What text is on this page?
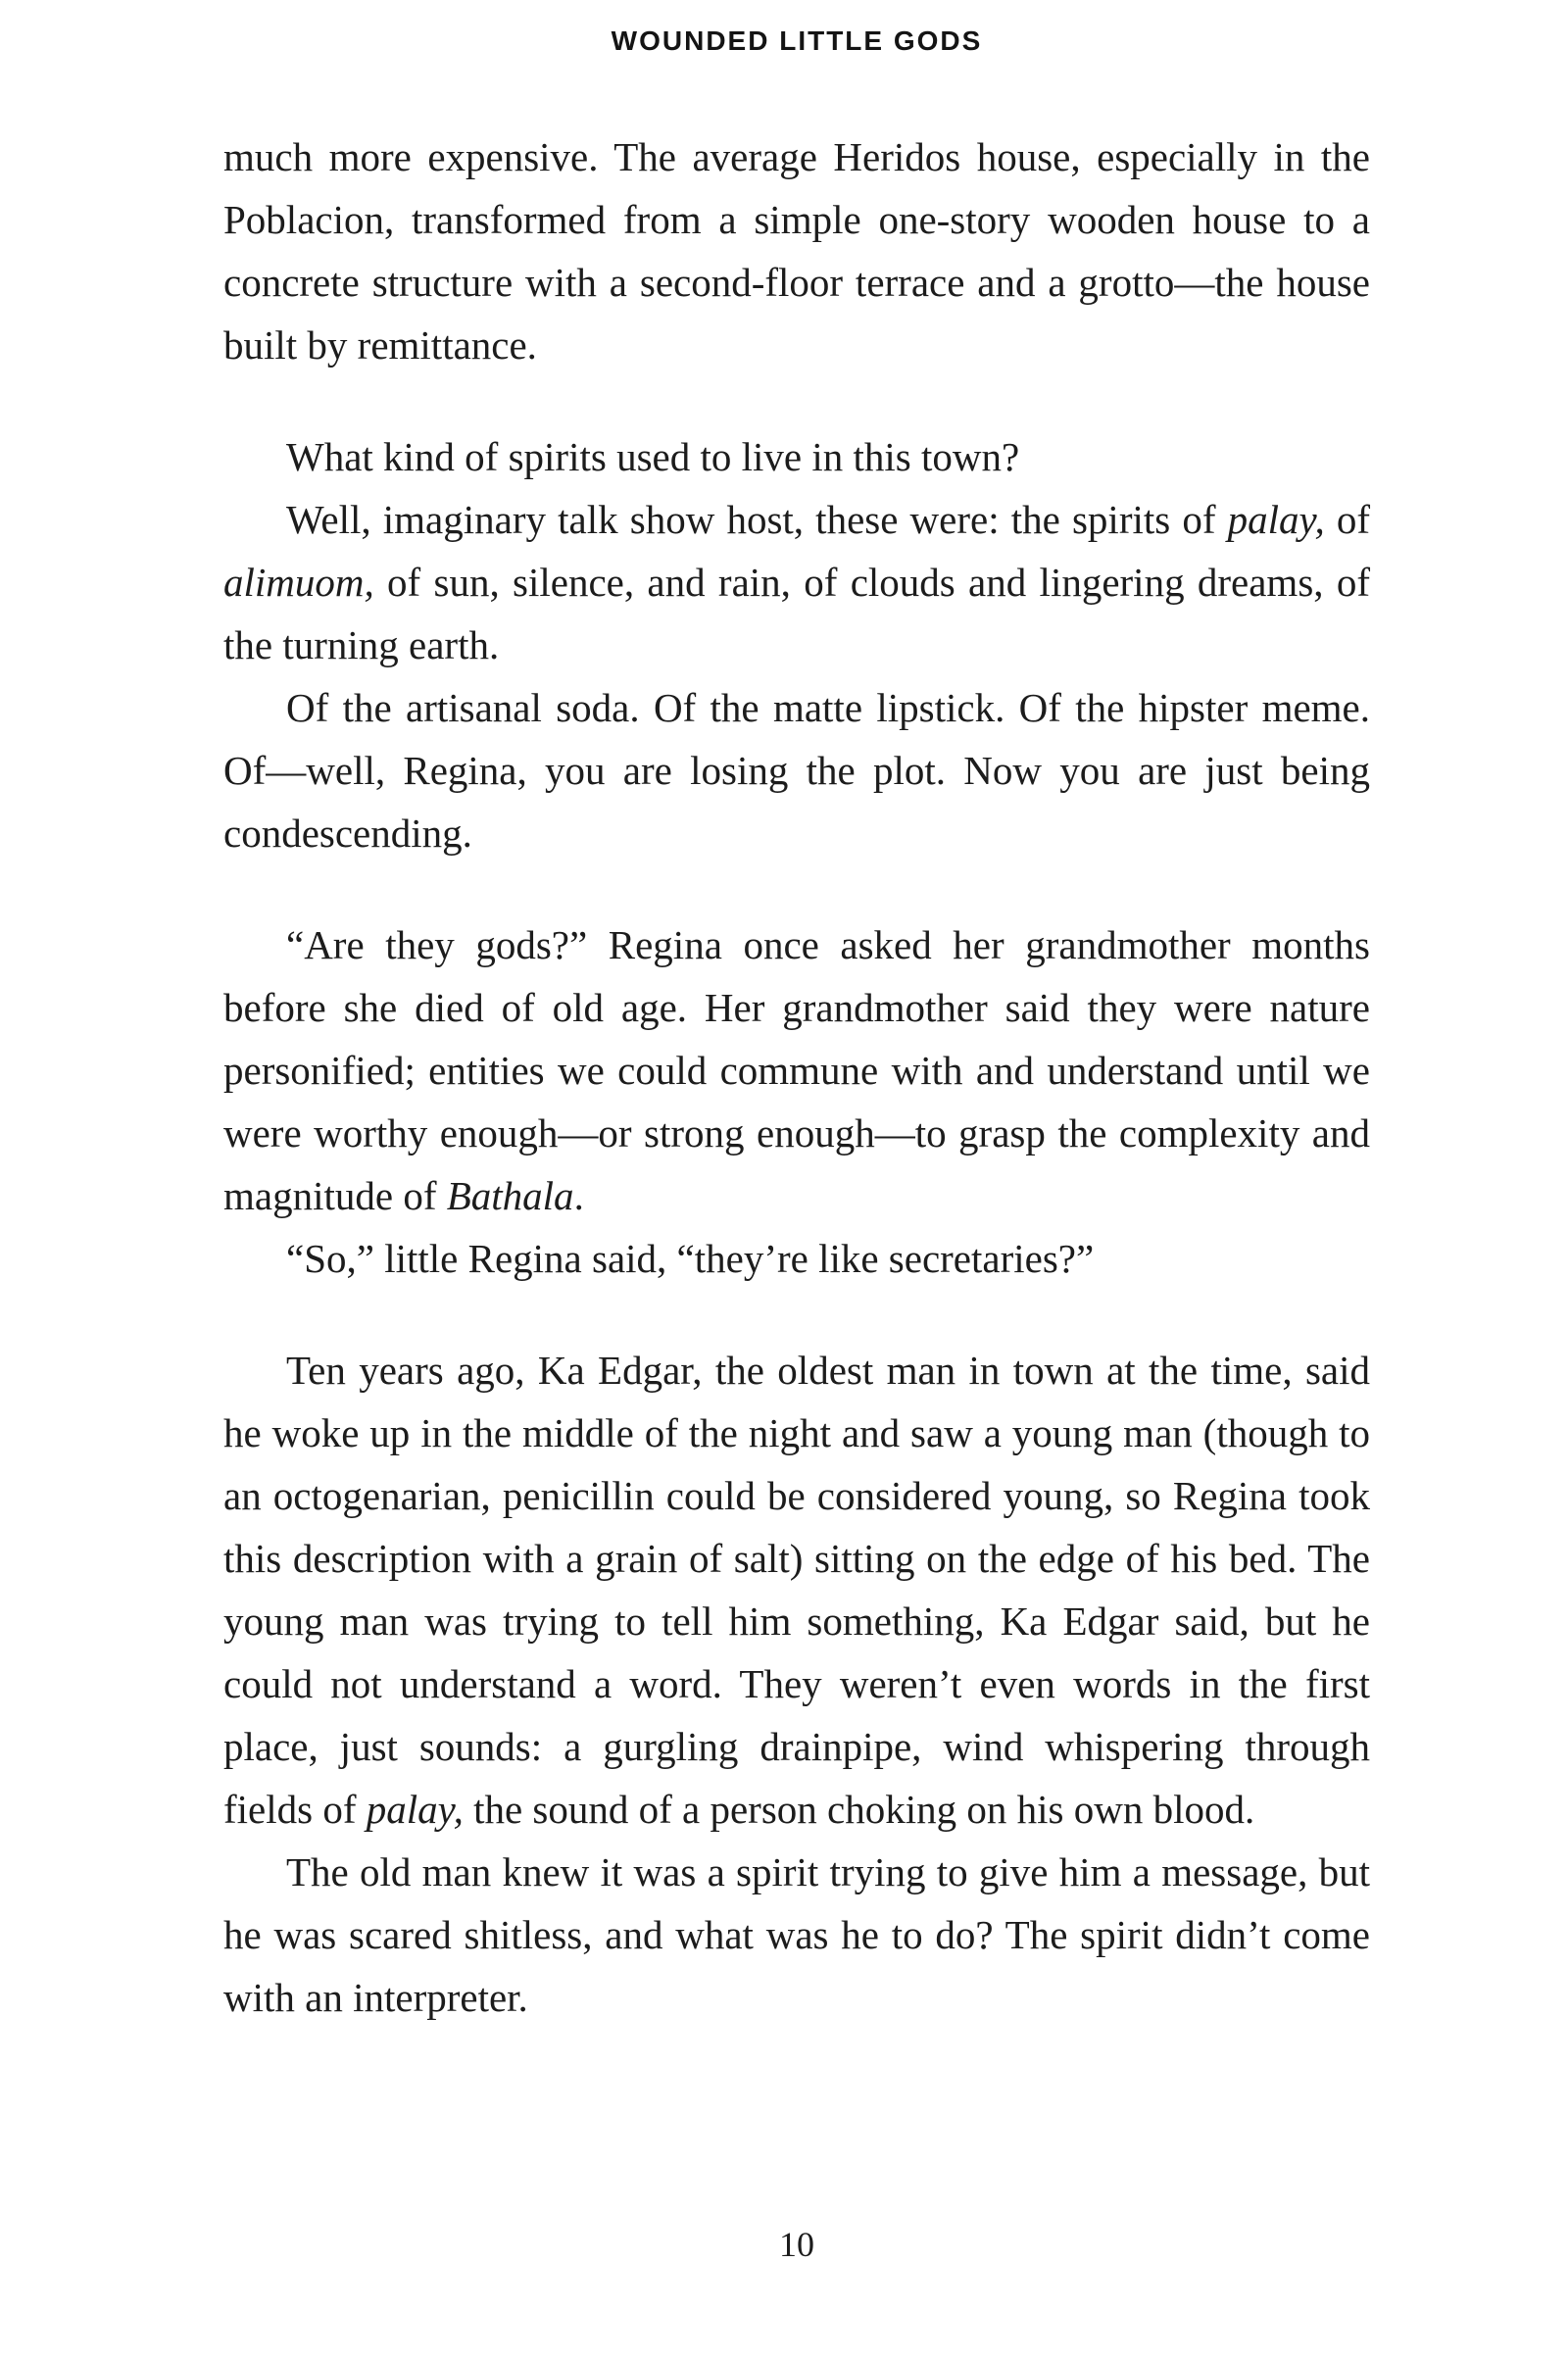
WOUNDED LITTLE GODS

much more expensive. The average Heridos house, especially in the Poblacion, transformed from a simple one-story wooden house to a concrete structure with a second-floor terrace and a grotto—the house built by remittance.

What kind of spirits used to live in this town?

Well, imaginary talk show host, these were: the spirits of palay, of alimuom, of sun, silence, and rain, of clouds and lingering dreams, of the turning earth.

Of the artisanal soda. Of the matte lipstick. Of the hipster meme. Of—well, Regina, you are losing the plot. Now you are just being condescending.

“Are they gods?” Regina once asked her grandmother months before she died of old age. Her grandmother said they were nature personified; entities we could commune with and understand until we were worthy enough—or strong enough—to grasp the complexity and magnitude of Bathala.

“So,” little Regina said, “they’re like secretaries?”

Ten years ago, Ka Edgar, the oldest man in town at the time, said he woke up in the middle of the night and saw a young man (though to an octogenarian, penicillin could be considered young, so Regina took this description with a grain of salt) sitting on the edge of his bed. The young man was trying to tell him something, Ka Edgar said, but he could not understand a word. They weren’t even words in the first place, just sounds: a gurgling drainpipe, wind whispering through fields of palay, the sound of a person choking on his own blood.

The old man knew it was a spirit trying to give him a message, but he was scared shitless, and what was he to do? The spirit didn’t come with an interpreter.

10
